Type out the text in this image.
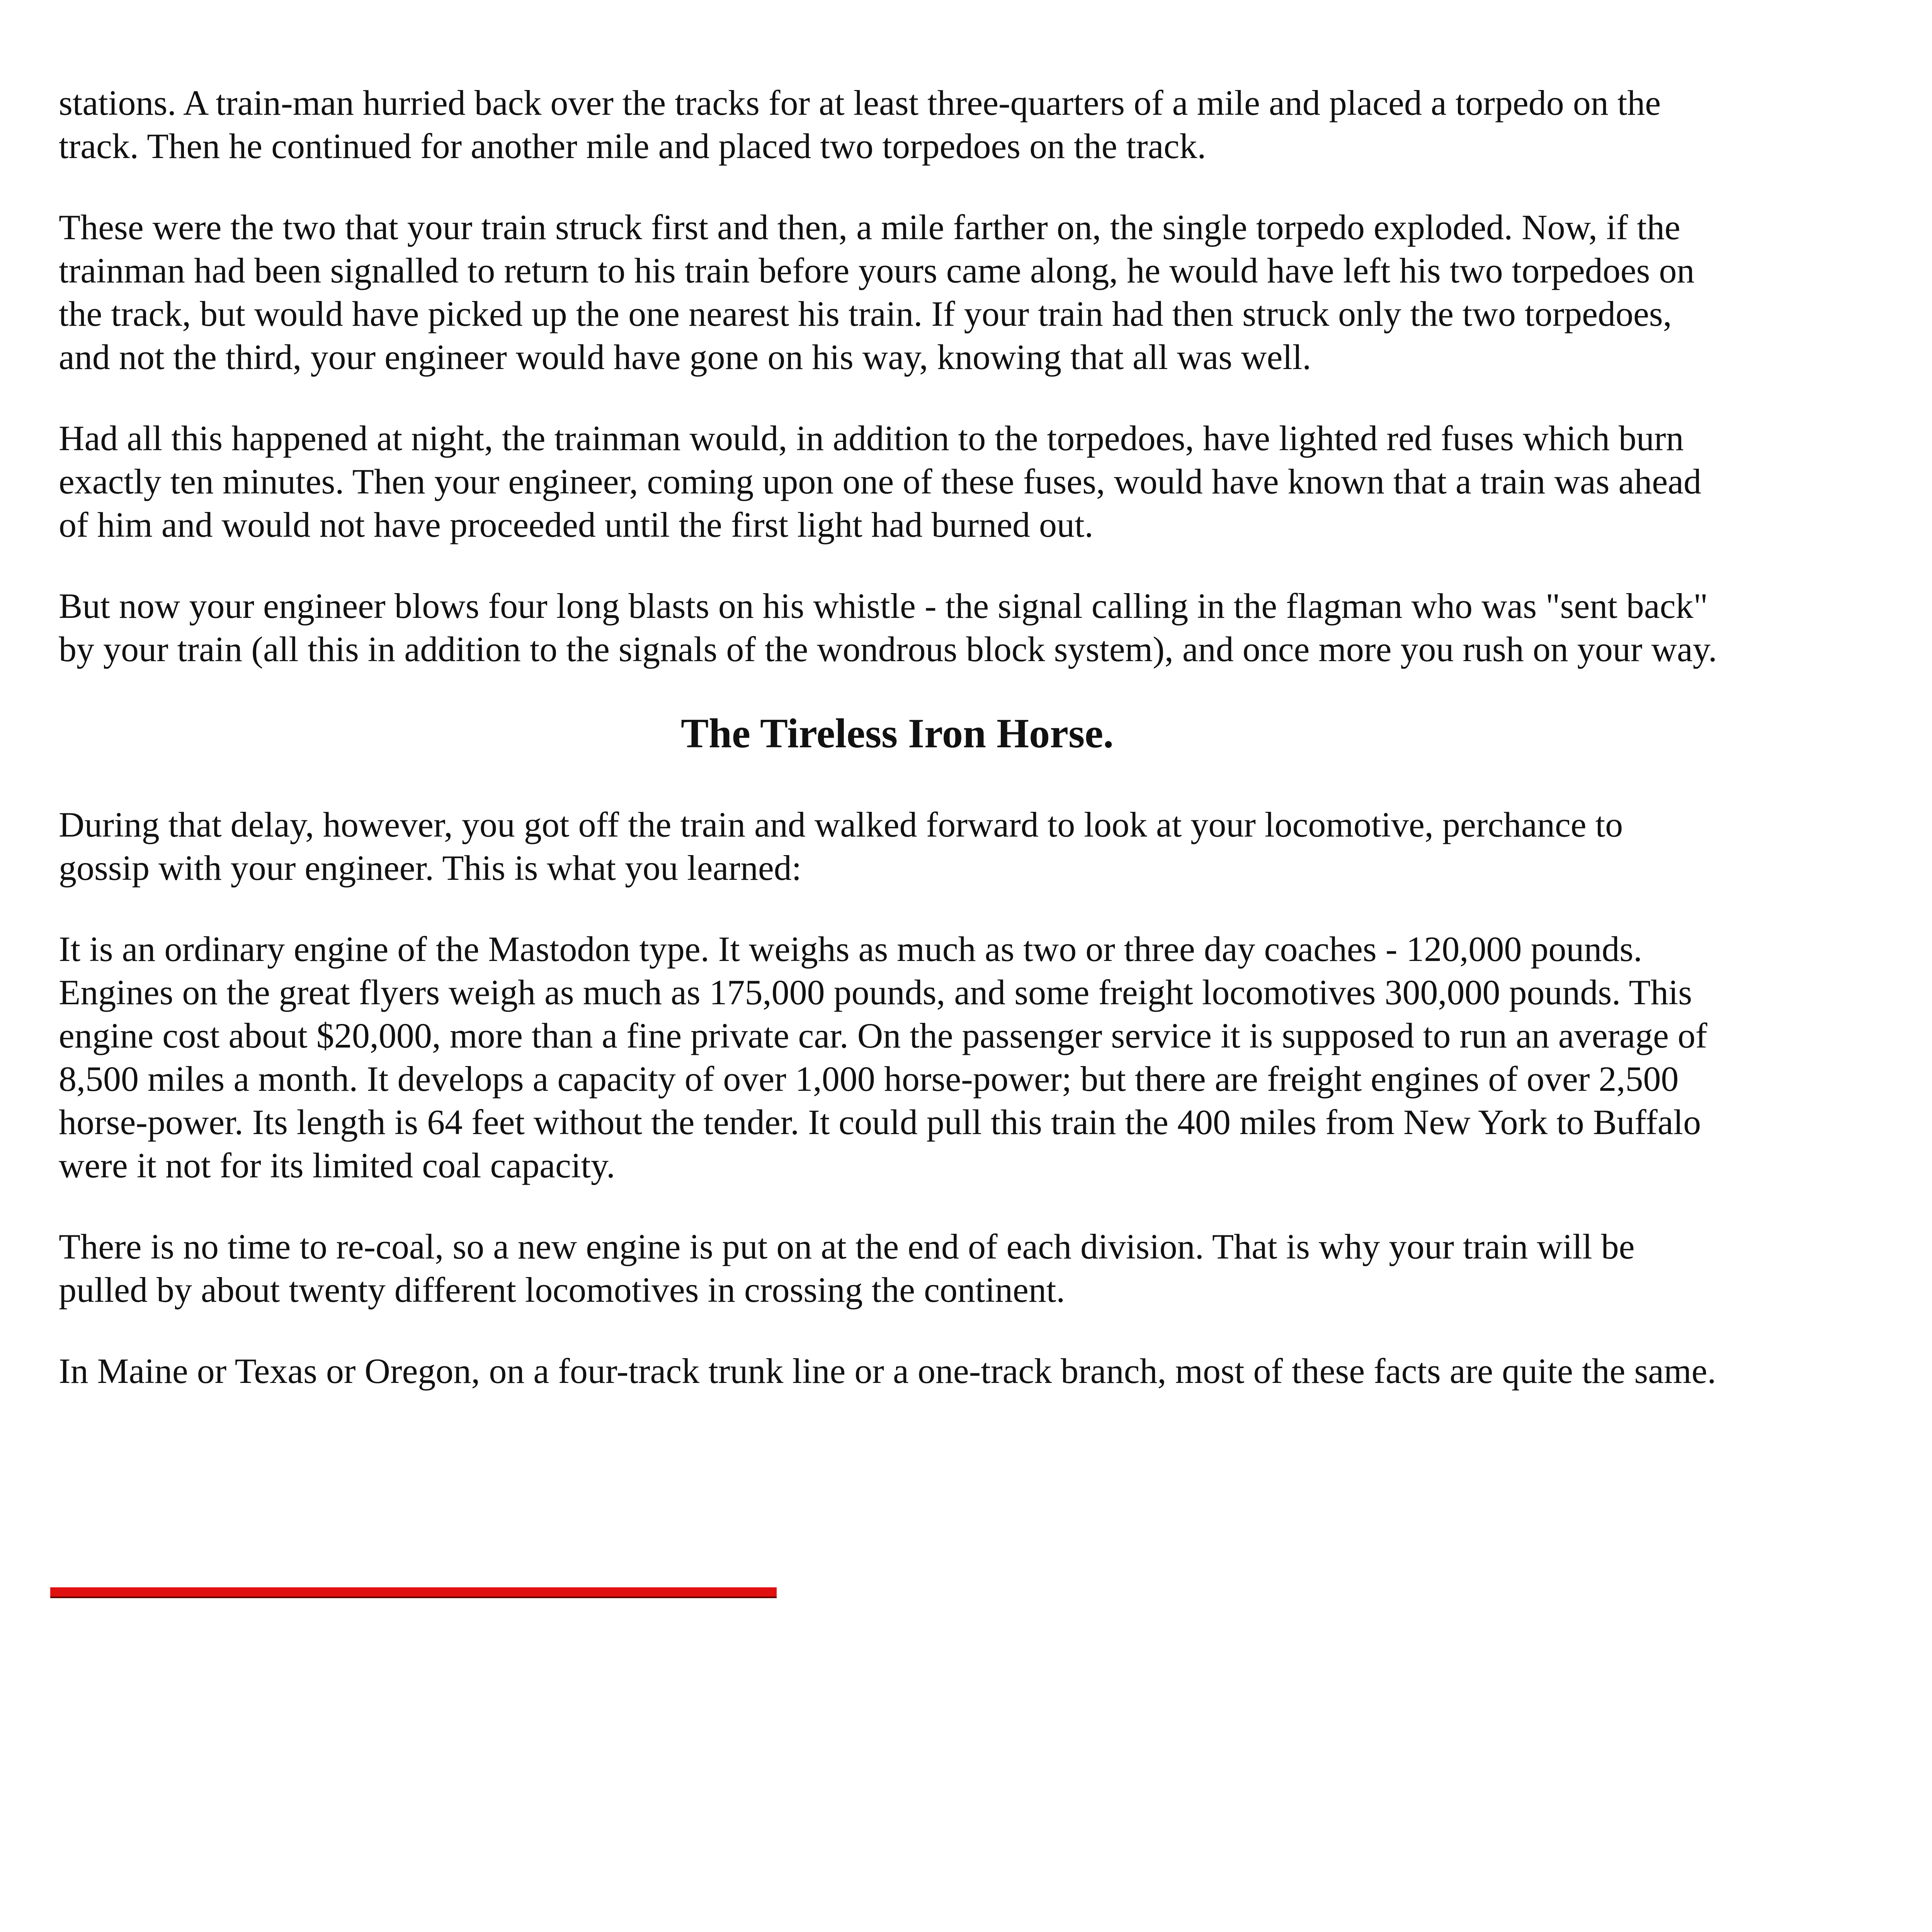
stations. A train-man hurried back over the tracks for at least three-quarters of a mile and placed a torpedo on the track. Then he continued for another mile and placed two torpedoes on the track.

These were the two that your train struck first and then, a mile farther on, the single torpedo exploded. Now, if the trainman had been signalled to return to his train before yours came along, he would have left his two torpedoes on the track, but would have picked up the one nearest his train. If your train had then struck only the two torpedoes, and not the third, your engineer would have gone on his way, knowing that all was well.

Had all this happened at night, the trainman would, in addition to the torpedoes, have lighted red fuses which burn exactly ten minutes. Then your engineer, coming upon one of these fuses, would have known that a train was ahead of him and would not have proceeded until the first light had burned out.

But now your engineer blows four long blasts on his whistle - the signal calling in the flagman who was "sent back" by your train (all this in addition to the signals of the wondrous block system), and once more you rush on your way.

The Tireless Iron Horse.

During that delay, however, you got off the train and walked forward to look at your locomotive, perchance to gossip with your engineer. This is what you learned:

It is an ordinary engine of the Mastodon type. It weighs as much as two or three day coaches - 120,000 pounds. Engines on the great flyers weigh as much as 175,000 pounds, and some freight locomotives 300,000 pounds. This engine cost about $20,000, more than a fine private car. On the passenger service it is supposed to run an average of 8,500 miles a month. It develops a capacity of over 1,000 horse-power; but there are freight engines of over 2,500 horse-power. Its length is 64 feet without the tender. It could pull this train the 400 miles from New York to Buffalo were it not for its limited coal capacity.

There is no time to re-coal, so a new engine is put on at the end of each division. That is why your train will be pulled by about twenty different locomotives in crossing the continent.

In Maine or Texas or Oregon, on a four-track trunk line or a one-track branch, most of these facts are quite the same.
